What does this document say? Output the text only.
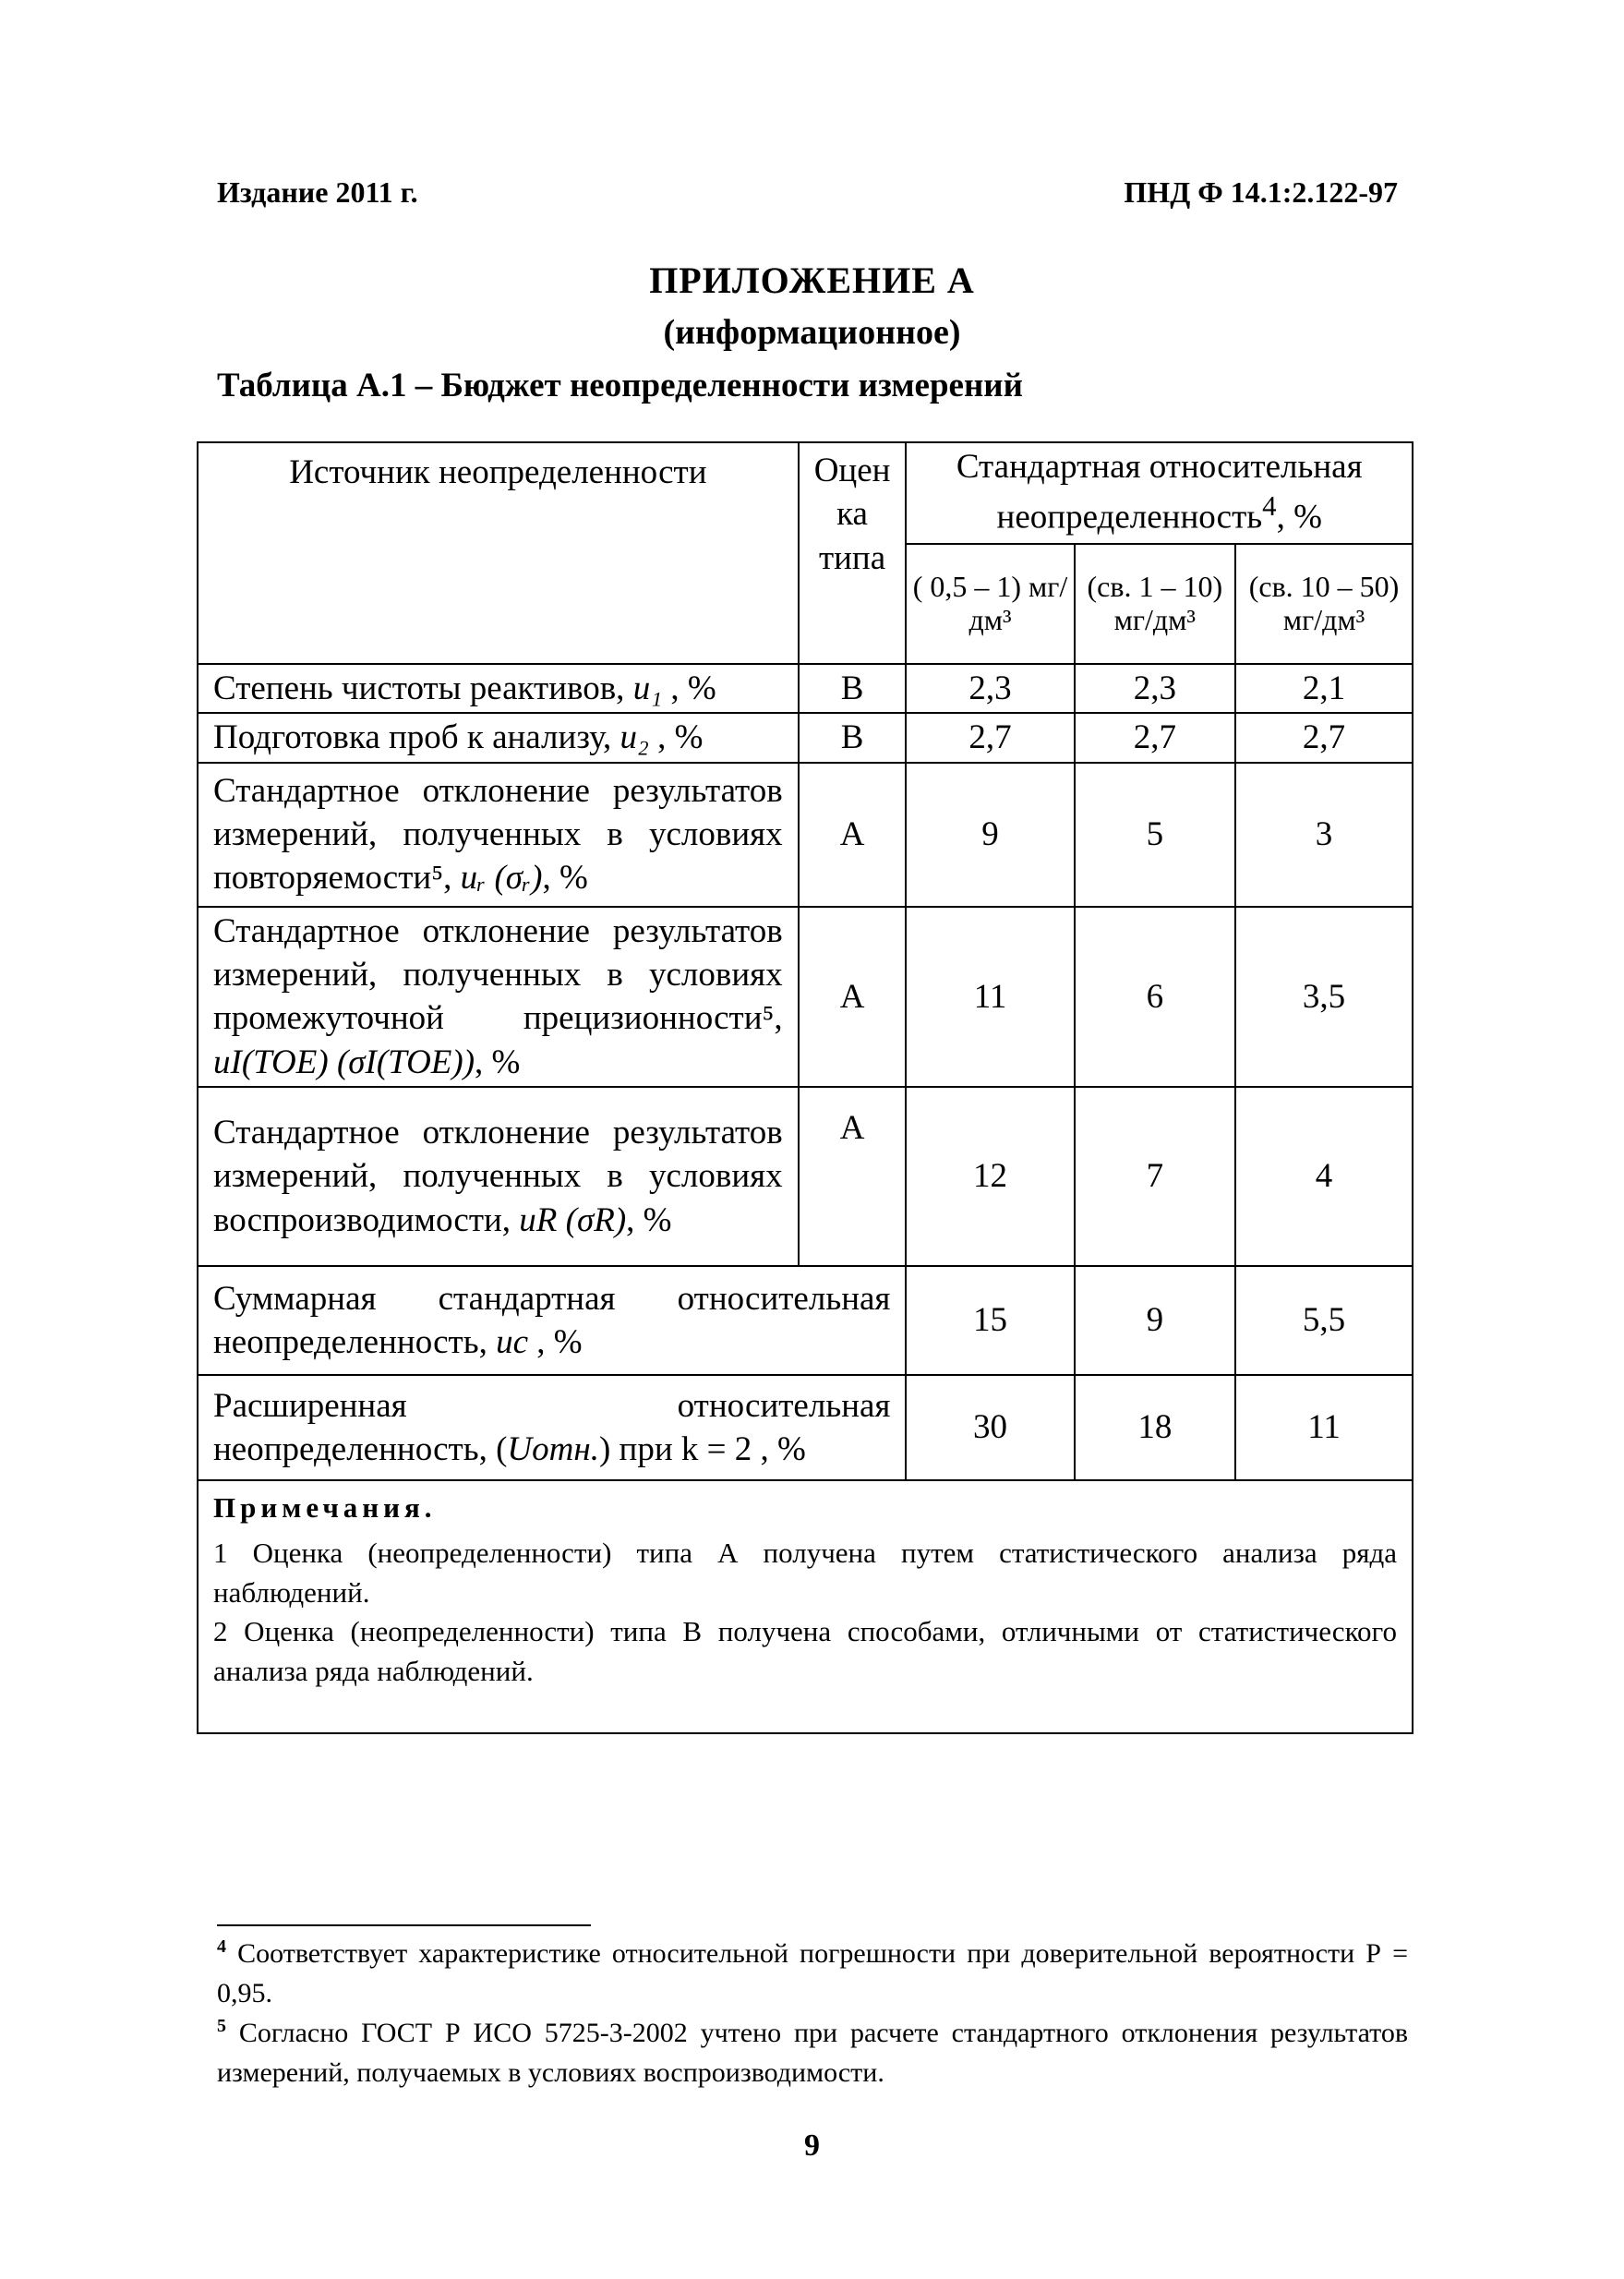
Издание 2011 г.	ПНД Ф 14.1:2.122-97
ПРИЛОЖЕНИЕ А
(информационное)
Таблица А.1 – Бюджет неопределенности измерений
Источник неопределенности	Оцен ка типа	Стандартная относительная неопределенность$^4$, %		
		( 0,5 – 1) мг/дм³	(св. 1 – 10) мг/дм³	(св. 10 – 50) мг/дм³
Степень чистоты реактивов, u₁ , %	В	2,3	2,3	2,1
Подготовка проб к анализу, u₂ , %	В	2,7	2,7	2,7
Стандартное отклонение результатов измерений, полученных в условиях повторяемости⁵, uᵣ (σᵣ), %	А	9	5	3
Стандартное отклонение результатов измерений, полученных в условиях промежуточной прецизионности⁵, uI(TOE) (σI(TOE)), %	А	11	6	3,5
Стандартное отклонение результатов измерений, полученных в условиях воспроизводимости, uR (σR), %	А	12	7	4
Суммарная стандартная относительная неопределенность, uc , %		15	9	5,5
Расширенная относительная неопределенность, (Uотн.) при k = 2 , %		30	18	11

Примечания.
1 Оценка (неопределенности) типа А получена путем статистического анализа ряда наблюдений.
2 Оценка (неопределенности) типа В получена способами, отличными от статистического анализа ряда наблюдений.				
$^4$ Соответствует характеристике относительной погрешности при доверительной вероятности Р = 0,95.
$^5$ Согласно ГОСТ Р ИСО 5725-3-2002 учтено при расчете стандартного отклонения результатов измерений, получаемых в условиях воспроизводимости.
9
